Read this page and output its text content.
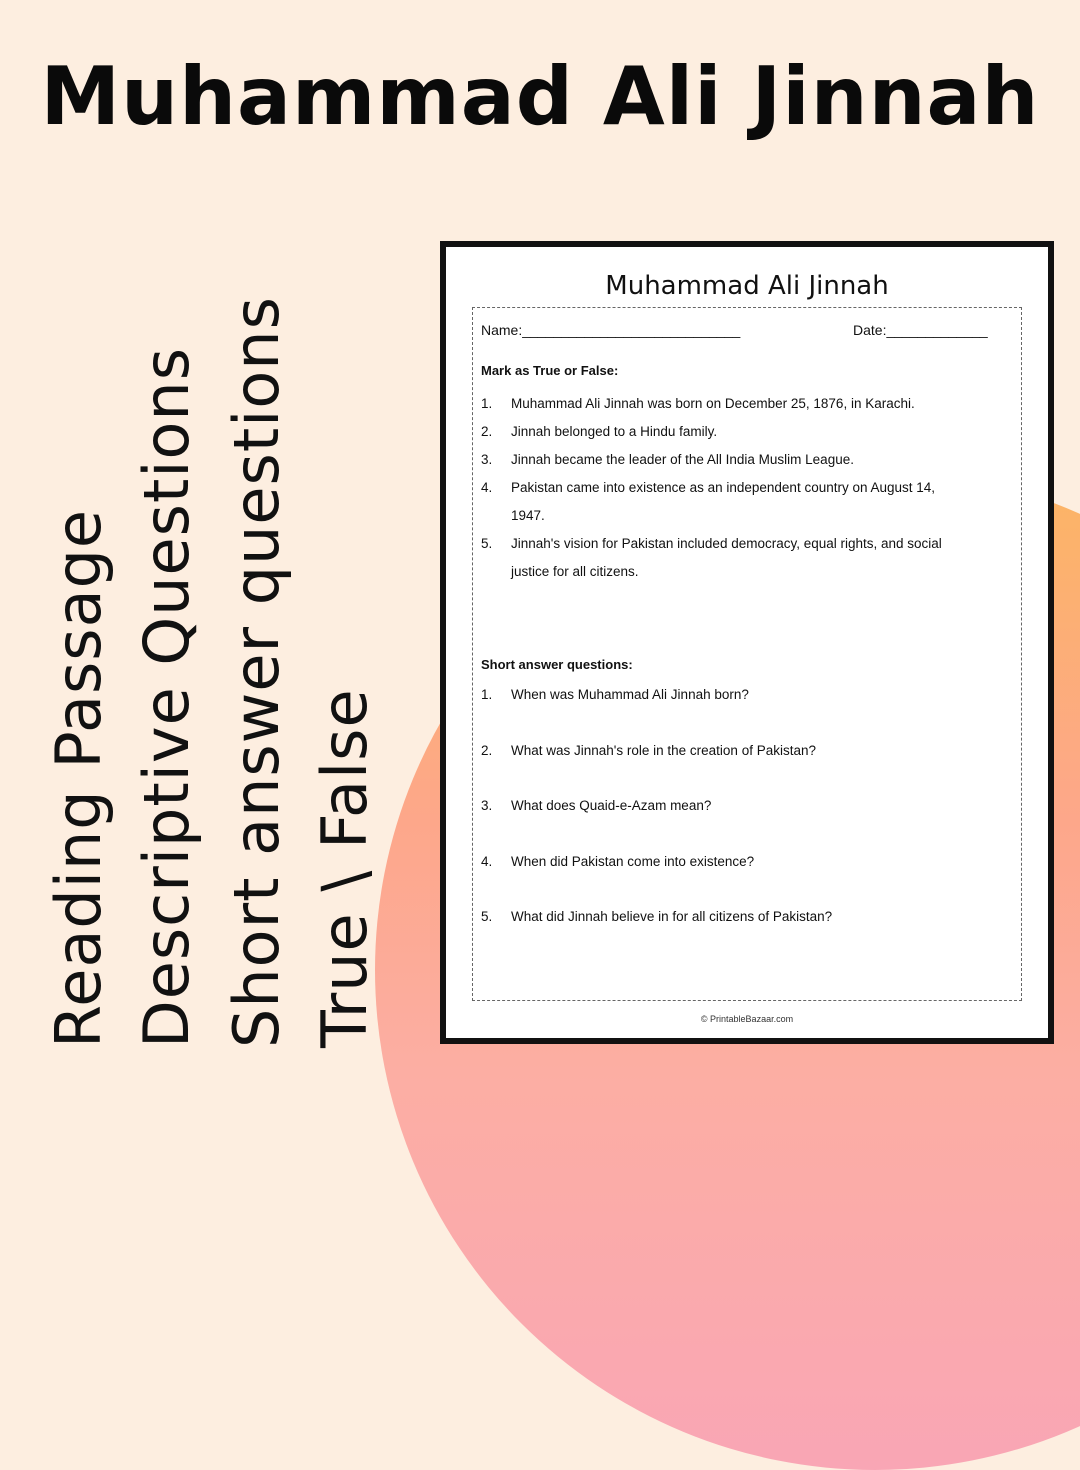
Muhammad Ali Jinnah
Reading Passage Descriptive Questions Short answer questions True \ False
Muhammad Ali Jinnah
Name:____________________________	Date:_____________
Mark as True or False:
1. Muhammad Ali Jinnah was born on December 25, 1876, in Karachi.
2. Jinnah belonged to a Hindu family.
3. Jinnah became the leader of the All India Muslim League.
4. Pakistan came into existence as an independent country on August 14, 1947.
5. Jinnah's vision for Pakistan included democracy, equal rights, and social justice for all citizens.
Short answer questions:
1. When was Muhammad Ali Jinnah born?
2. What was Jinnah's role in the creation of Pakistan?
3. What does Quaid-e-Azam mean?
4. When did Pakistan come into existence?
5. What did Jinnah believe in for all citizens of Pakistan?
© PrintableBazaar.com
